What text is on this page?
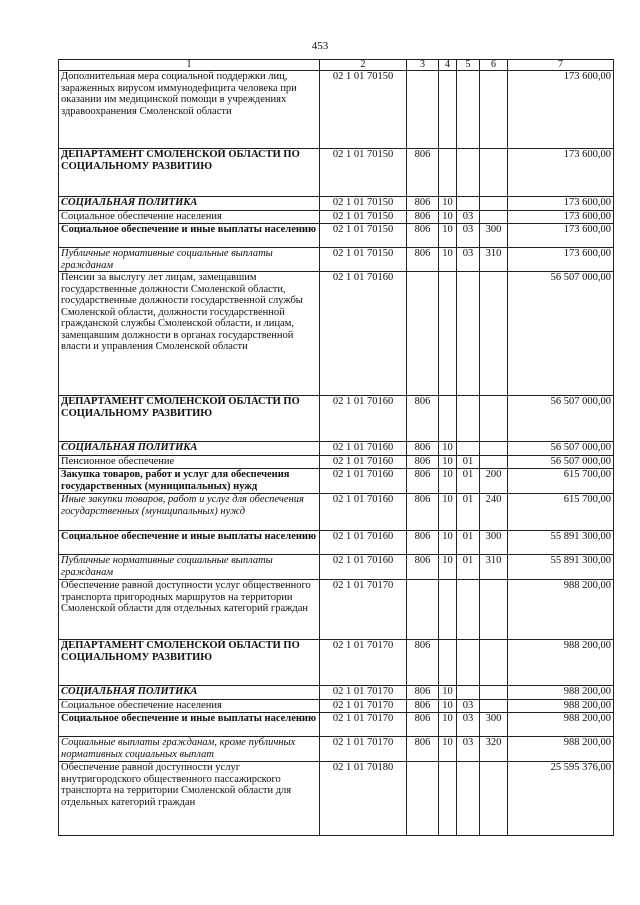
453
1	2	3	4	5	6	7
Дополнительная мера социальной поддержки лиц, зараженных вирусом иммунодефицита человека при оказании им медицинской помощи в учреждениях здравоохранения Смоленской области	02 1 01 70150					173 600,00
ДЕПАРТАМЕНТ СМОЛЕНСКОЙ ОБЛАСТИ ПО СОЦИАЛЬНОМУ РАЗВИТИЮ	02 1 01 70150	806				173 600,00
СОЦИАЛЬНАЯ ПОЛИТИКА	02 1 01 70150	806	10			173 600,00
Социальное обеспечение населения	02 1 01 70150	806	10	03		173 600,00
Социальное обеспечение и иные выплаты населению	02 1 01 70150	806	10	03	300	173 600,00
Публичные нормативные социальные выплаты гражданам	02 1 01 70150	806	10	03	310	173 600,00
Пенсии за выслугу лет лицам, замещавшим государственные должности Смоленской области, государственные должности государственной службы Смоленской области, должности государственной гражданской службы Смоленской области, и лицам, замещавшим должности в органах государственной власти и управления Смоленской области	02 1 01 70160					56 507 000,00
ДЕПАРТАМЕНТ СМОЛЕНСКОЙ ОБЛАСТИ ПО СОЦИАЛЬНОМУ РАЗВИТИЮ	02 1 01 70160	806				56 507 000,00
СОЦИАЛЬНАЯ ПОЛИТИКА	02 1 01 70160	806	10			56 507 000,00
Пенсионное обеспечение	02 1 01 70160	806	10	01		56 507 000,00
Закупка товаров, работ и услуг для обеспечения государственных (муниципальных) нужд	02 1 01 70160	806	10	01	200	615 700,00
Иные закупки товаров, работ и услуг для обеспечения государственных (муниципальных) нужд	02 1 01 70160	806	10	01	240	615 700,00
Социальное обеспечение и иные выплаты населению	02 1 01 70160	806	10	01	300	55 891 300,00
Публичные нормативные социальные выплаты гражданам	02 1 01 70160	806	10	01	310	55 891 300,00
Обеспечение равной доступности услуг общественного транспорта пригородных маршрутов на территории Смоленской области для отдельных категорий граждан	02 1 01 70170					988 200,00
ДЕПАРТАМЕНТ СМОЛЕНСКОЙ ОБЛАСТИ ПО СОЦИАЛЬНОМУ РАЗВИТИЮ	02 1 01 70170	806				988 200,00
СОЦИАЛЬНАЯ ПОЛИТИКА	02 1 01 70170	806	10			988 200,00
Социальное обеспечение населения	02 1 01 70170	806	10	03		988 200,00
Социальное обеспечение и иные выплаты населению	02 1 01 70170	806	10	03	300	988 200,00
Социальные выплаты гражданам, кроме публичных нормативных социальных выплат	02 1 01 70170	806	10	03	320	988 200,00
Обеспечение равной доступности услуг внутригородского общественного пассажирского транспорта на территории Смоленской области для отдельных категорий граждан	02 1 01 70180					25 595 376,00
